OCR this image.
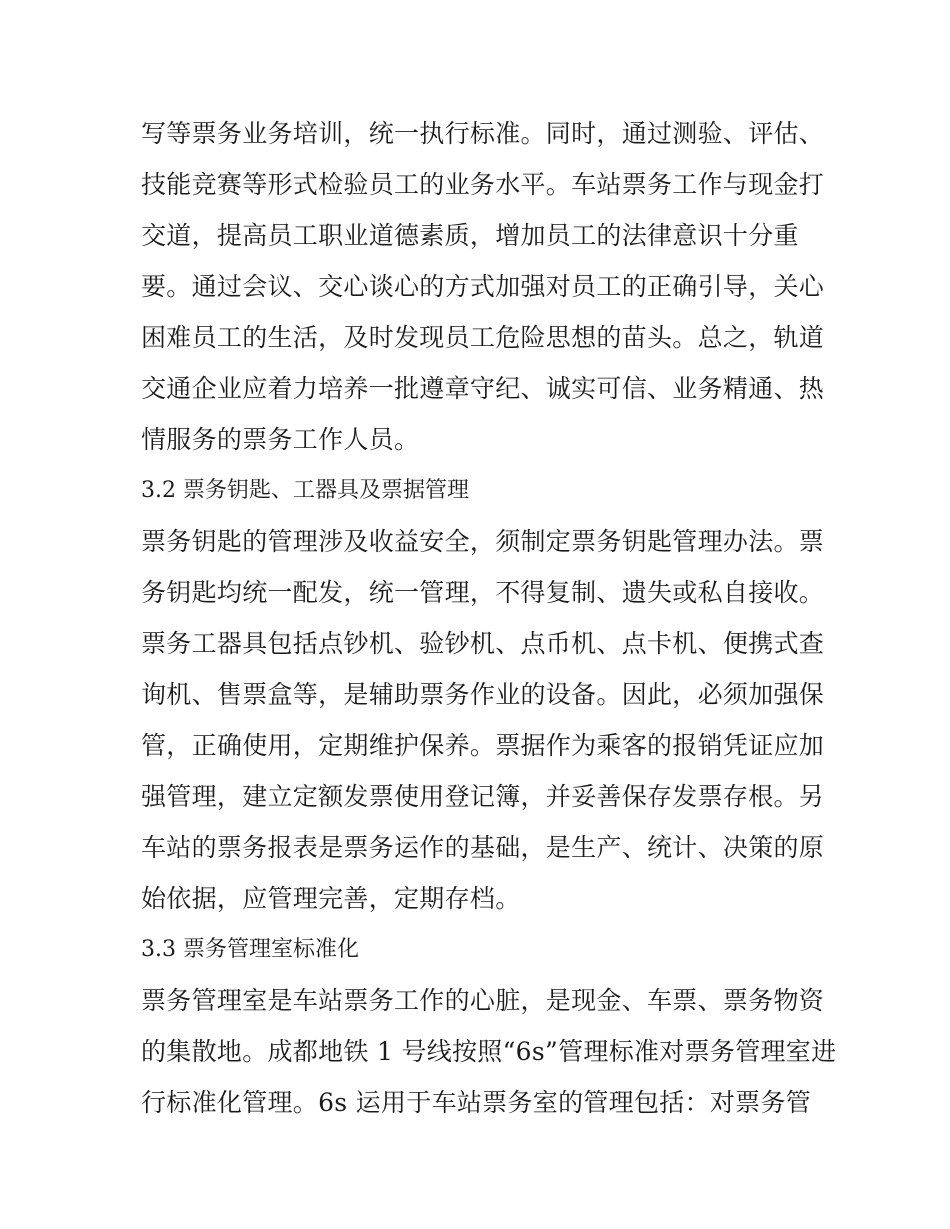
写等票务业务培训，统一执行标准。同时，通过测验、评估、
技能竞赛等形式检验员工的业务水平。车站票务工作与现金打
交道，提高员工职业道德素质，增加员工的法律意识十分重
要。通过会议、交心谈心的方式加强对员工的正确引导，关心
困难员工的生活，及时发现员工危险思想的苗头。总之，轨道
交通企业应着力培养一批遵章守纪、诚实可信、业务精通、热
情服务的票务工作人员。
3.2 票务钥匙、工器具及票据管理
票务钥匙的管理涉及收益安全，须制定票务钥匙管理办法。票
务钥匙均统一配发，统一管理，不得复制、遗失或私自接收。
票务工器具包括点钞机、验钞机、点币机、点卡机、便携式查
询机、售票盒等，是辅助票务作业的设备。因此，必须加强保
管，正确使用，定期维护保养。票据作为乘客的报销凭证应加
强管理，建立定额发票使用登记簿，并妥善保存发票存根。另
车站的票务报表是票务运作的基础，是生产、统计、决策的原
始依据，应管理完善，定期存档。
3.3 票务管理室标准化
票务管理室是车站票务工作的心脏，是现金、车票、票务物资
的集散地。成都地铁 1 号线按照“6s”管理标准对票务管理室进
行标准化管理。6s 运用于车站票务室的管理包括：对票务管
